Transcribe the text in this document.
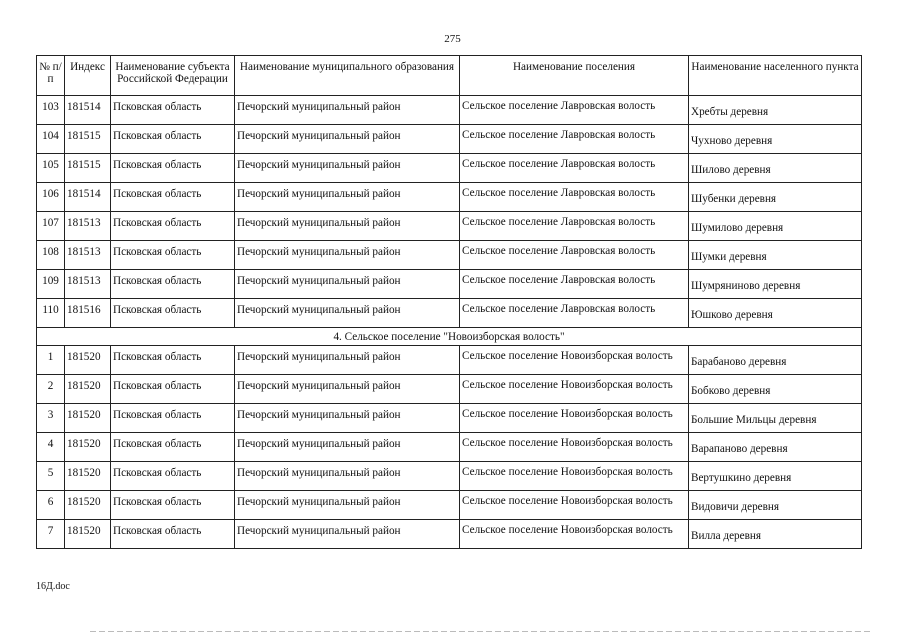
275
№ п/п	Индекс	Наименование субъекта Российской Федерации	Наименование муниципального образования	Наименование поселения	Наименование населенного пункта
103	181514	Псковская область	Печорский муниципальный район	Сельское поселение Лавровская волость	Хребты деревня
104	181515	Псковская область	Печорский муниципальный район	Сельское поселение Лавровская волость	Чухново деревня
105	181515	Псковская область	Печорский муниципальный район	Сельское поселение Лавровская волость	Шилово деревня
106	181514	Псковская область	Печорский муниципальный район	Сельское поселение Лавровская волость	Шубенки деревня
107	181513	Псковская область	Печорский муниципальный район	Сельское поселение Лавровская волость	Шумилово деревня
108	181513	Псковская область	Печорский муниципальный район	Сельское поселение Лавровская волость	Шумки деревня
109	181513	Псковская область	Печорский муниципальный район	Сельское поселение Лавровская волость	Шумряниново деревня
110	181516	Псковская область	Печорский муниципальный район	Сельское поселение Лавровская волость	Юшково деревня
4. Сельское поселение "Новоизборская волость"					
1	181520	Псковская область	Печорский муниципальный район	Сельское поселение Новоизборская волость	Барабаново деревня
2	181520	Псковская область	Печорский муниципальный район	Сельское поселение Новоизборская волость	Бобково деревня
3	181520	Псковская область	Печорский муниципальный район	Сельское поселение Новоизборская волость	Большие Мильцы деревня
4	181520	Псковская область	Печорский муниципальный район	Сельское поселение Новоизборская волость	Варапаново деревня
5	181520	Псковская область	Печорский муниципальный район	Сельское поселение Новоизборская волость	Вертушкино деревня
6	181520	Псковская область	Печорский муниципальный район	Сельское поселение Новоизборская волость	Видовичи деревня
7	181520	Псковская область	Печорский муниципальный район	Сельское поселение Новоизборская волость	Вилла деревня
16Д.doc
